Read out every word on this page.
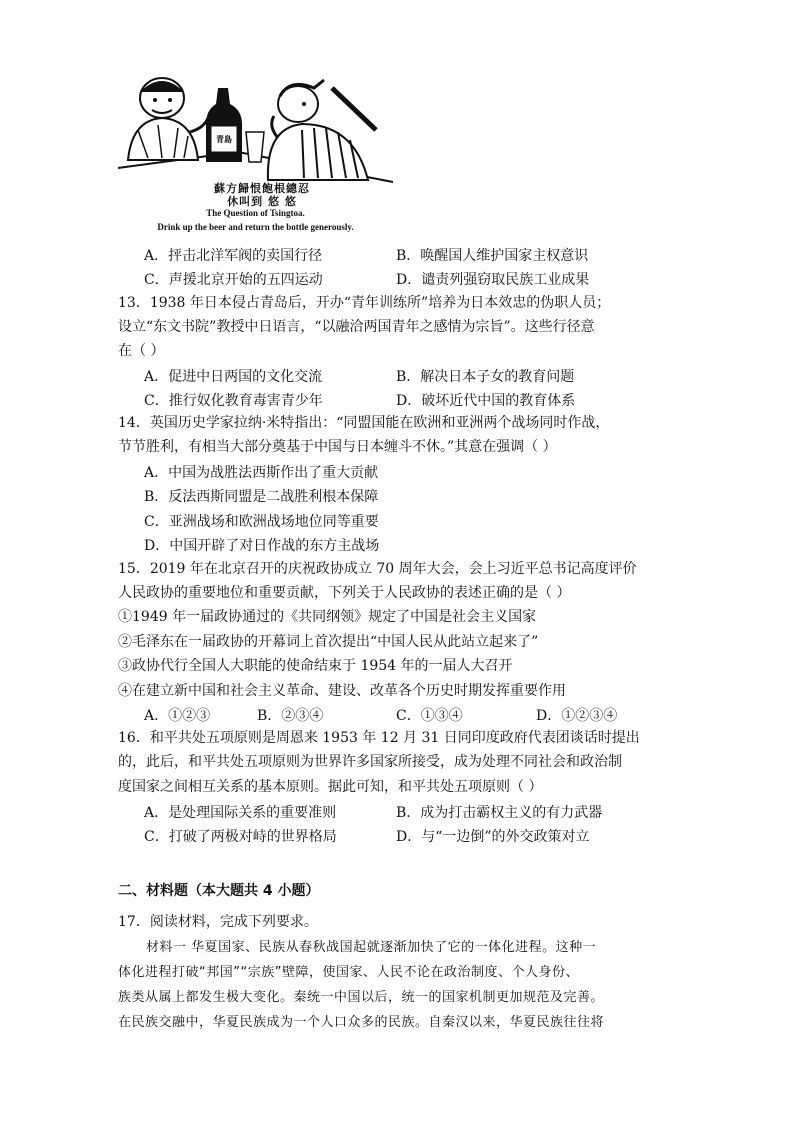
青島
蘇方歸恨飽根總忍
休叫到 悠 悠
The Question of Tsingtoa.
Drink up the beer and return the bottle generously.
A．抨击北洋军阀的卖国行径	B．唤醒国人维护国家主权意识
C．声援北京开始的五四运动	D．谴责列强窃取民族工业成果
13．1938 年日本侵占青岛后，开办“青年训练所”培养为日本效忠的伪职人员；
设立“东文书院”教授中日语言，“以融洽两国青年之感情为宗旨”。这些行径意
在（ ）
A．促进中日两国的文化交流	B．解决日本子女的教育问题
C．推行奴化教育毒害青少年	D．破坏近代中国的教育体系
14．英国历史学家拉纳·米特指出：“同盟国能在欧洲和亚洲两个战场同时作战，
节节胜利，有相当大部分奠基于中国与日本缠斗不休。”其意在强调（ ）
A．中国为战胜法西斯作出了重大贡献
B．反法西斯同盟是二战胜利根本保障
C．亚洲战场和欧洲战场地位同等重要
D．中国开辟了对日作战的东方主战场
15．2019 年在北京召开的庆祝政协成立 70 周年大会，会上习近平总书记高度评价
人民政协的重要地位和重要贡献，下列关于人民政协的表述正确的是（ ）
①1949 年一届政协通过的《共同纲领》规定了中国是社会主义国家
②毛泽东在一届政协的开幕词上首次提出“中国人民从此站立起来了”
③政协代行全国人大职能的使命结束于 1954 年的一届人大召开
④在建立新中国和社会主义革命、建设、改革各个历史时期发挥重要作用
A．①②③	B．②③④	C．①③④	D．①②③④
16．和平共处五项原则是周恩来 1953 年 12 月 31 日同印度政府代表团谈话时提出
的，此后，和平共处五项原则为世界许多国家所接受，成为处理不同社会和政治制
度国家之间相互关系的基本原则。据此可知，和平共处五项原则（ ）
A．是处理国际关系的重要准则	B．成为打击霸权主义的有力武器
C．打破了两极对峙的世界格局	D．与“一边倒”的外交政策对立
二、材料题（本大题共 4 小题）
17．阅读材料，完成下列要求。
材料一 华夏国家、民族从春秋战国起就逐渐加快了它的一体化进程。这种一
体化进程打破“邦国”“宗族”壁障，使国家、人民不论在政治制度、个人身份、
族类从属上都发生极大变化。秦统一中国以后，统一的国家机制更加规范及完善。
在民族交融中，华夏民族成为一个人口众多的民族。自秦汉以来，华夏民族往往将
